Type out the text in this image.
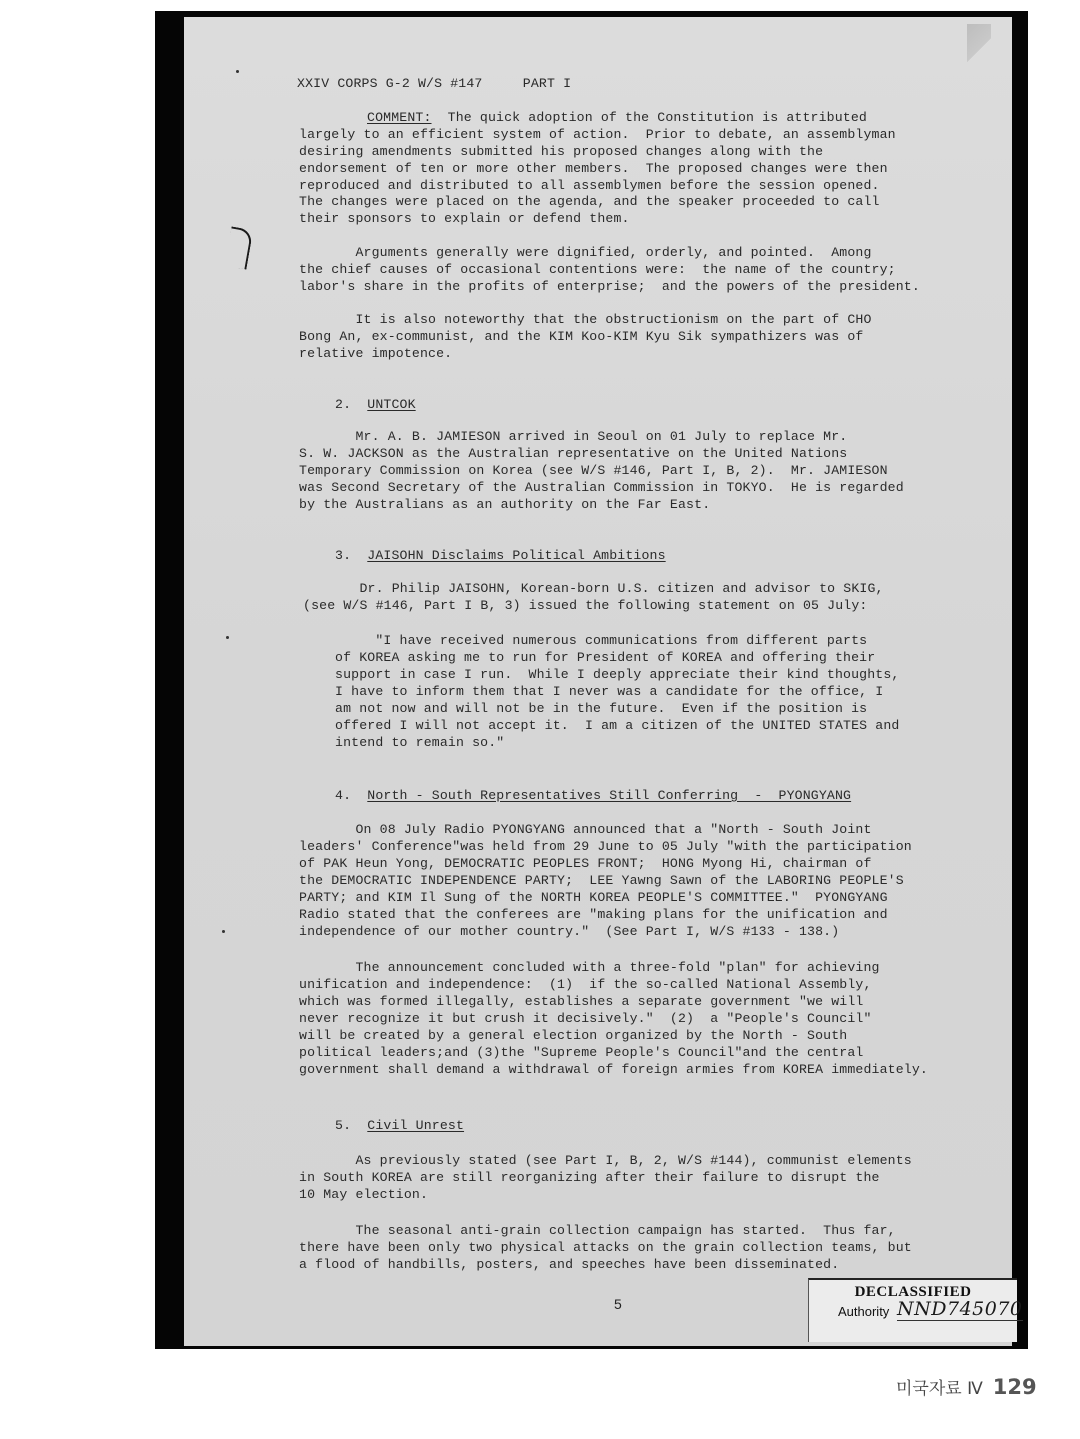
XXIV CORPS G-2 W/S #147     PART I
COMMENT:  The quick adoption of the Constitution is attributed
largely to an efficient system of action.  Prior to debate, an assemblyman
desiring amendments submitted his proposed changes along with the
endorsement of ten or more other members.  The proposed changes were then
reproduced and distributed to all assemblymen before the session opened.
The changes were placed on the agenda, and the speaker proceeded to call
their sponsors to explain or defend them.
Arguments generally were dignified, orderly, and pointed.  Among
the chief causes of occasional contentions were:  the name of the country;
labor's share in the profits of enterprise;  and the powers of the president.
It is also noteworthy that the obstructionism on the part of CHO
Bong An, ex-communist, and the KIM Koo-KIM Kyu Sik sympathizers was of
relative impotence.
2. UNTCOK
Mr. A. B. JAMIESON arrived in Seoul on 01 July to replace Mr.
S. W. JACKSON as the Australian representative on the United Nations
Temporary Commission on Korea (see W/S #146, Part I, B, 2).  Mr. JAMIESON
was Second Secretary of the Australian Commission in TOKYO.  He is regarded
by the Australians as an authority on the Far East.
3. JAISOHN Disclaims Political Ambitions
Dr. Philip JAISOHN, Korean-born U.S. citizen and advisor to SKIG,
(see W/S #146, Part I B, 3) issued the following statement on 05 July:
"I have received numerous communications from different parts
of KOREA asking me to run for President of KOREA and offering their
support in case I run.  While I deeply appreciate their kind thoughts,
I have to inform them that I never was a candidate for the office, I
am not now and will not be in the future.  Even if the position is
offered I will not accept it.  I am a citizen of the UNITED STATES and
intend to remain so."
4. North - South Representatives Still Conferring  -  PYONGYANG
On 08 July Radio PYONGYANG announced that a "North - South Joint
leaders' Conference"was held from 29 June to 05 July "with the participation
of PAK Heun Yong, DEMOCRATIC PEOPLES FRONT;  HONG Myong Hi, chairman of
the DEMOCRATIC INDEPENDENCE PARTY;  LEE Yawng Sawn of the LABORING PEOPLE'S
PARTY; and KIM Il Sung of the NORTH KOREA PEOPLE'S COMMITTEE."  PYONGYANG
Radio stated that the conferees are "making plans for the unification and
independence of our mother country."  (See Part I, W/S #133 - 138.)
The announcement concluded with a three-fold "plan" for achieving
unification and independence:  (1)  if the so-called National Assembly,
which was formed illegally, establishes a separate government "we will
never recognize it but crush it decisively."  (2)  a "People's Council"
will be created by a general election organized by the North - South
political leaders;and (3)the "Supreme People's Council"and the central
government shall demand a withdrawal of foreign armies from KOREA immediately.
5. Civil Unrest
As previously stated (see Part I, B, 2, W/S #144), communist elements
in South KOREA are still reorganizing after their failure to disrupt the
10 May election.
The seasonal anti-grain collection campaign has started.  Thus far,
there have been only two physical attacks on the grain collection teams, but
a flood of handbills, posters, and speeches have been disseminated.
5
DECLASSIFIED
Authority NND745070
미국자료 Ⅳ 129
